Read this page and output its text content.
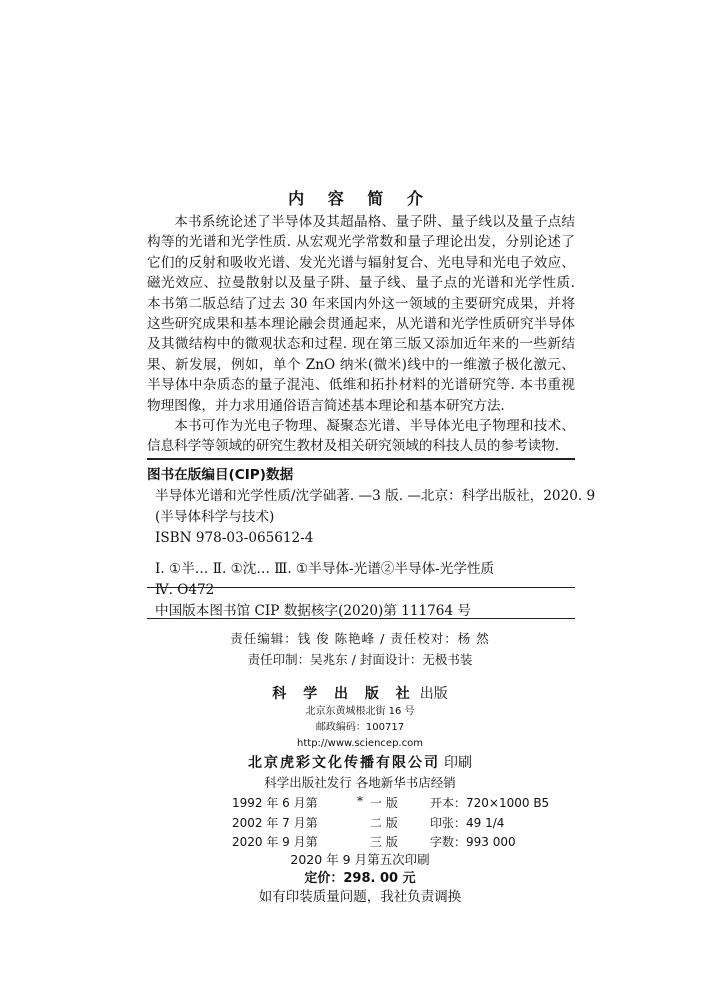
内 容 简 介

本书系统论述了半导体及其超晶格、量子阱、量子线以及量子点结构等的光谱和光学性质. 从宏观光学常数和量子理论出发，分别论述了它们的反射和吸收光谱、发光光谱与辐射复合、光电导和光电子效应、磁光效应、拉曼散射以及量子阱、量子线、量子点的光谱和光学性质. 本书第二版总结了过去 30 年来国内外这一领域的主要研究成果，并将这些研究成果和基本理论融会贯通起来，从光谱和光学性质研究半导体及其微结构中的微观状态和过程. 现在第三版又添加近年来的一些新结果、新发展，例如，单个 ZnO 纳米(微米)线中的一维激子极化激元、半导体中杂质态的量子混沌、低维和拓扑材料的光谱研究等. 本书重视物理图像，并力求用通俗语言简述基本理论和基本研究方法.

本书可作为光电子物理、凝聚态光谱、半导体光电子物理和技术、信息科学等领域的研究生教材及相关研究领域的科技人员的参考读物.

图书在版编目(CIP)数据
半导体光谱和光学性质/沈学础著. —3 版. —北京：科学出版社，2020. 9
(半导体科学与技术)
ISBN 978-03-065612-4
Ⅰ. ①半… Ⅱ. ①沈… Ⅲ. ①半导体-光谱②半导体-光学性质
Ⅳ. O472
中国版本图书馆 CIP 数据核字(2020)第 111764 号
责任编辑：钱 俊 陈艳峰 / 责任校对：杨 然
责任印制：吴兆东 / 封面设计：无极书装
科 学 出 版 社 出版
北京东黄城根北街 16 号
邮政编码：100717
http://www.sciencep.com
北京虎彩文化传播有限公司 印刷
科学出版社发行 各地新华书店经销
*
1992 年 6 月第	一 版	开本：720×1000 B5
2002 年 7 月第	二 版	印张：49 1/4
2020 年 9 月第	三 版	字数：993 000
2020 年 9 月第五次印刷
定价：298. 00 元
如有印装质量问题，我社负责调换
